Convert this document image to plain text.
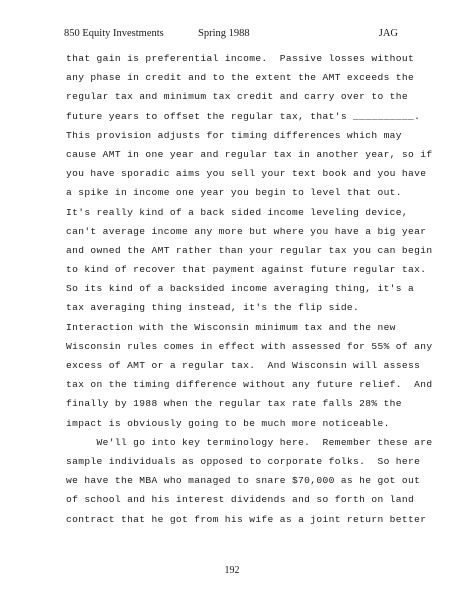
850 Equity Investments	Spring 1988	JAG
that gain is preferential income.  Passive losses without
any phase in credit and to the extent the AMT exceeds the
regular tax and minimum tax credit and carry over to the
future years to offset the regular tax, that's __________.
This provision adjusts for timing differences which may
cause AMT in one year and regular tax in another year, so if
you have sporadic aims you sell your text book and you have
a spike in income one year you begin to level that out.
It's really kind of a back sided income leveling device,
can't average income any more but where you have a big year
and owned the AMT rather than your regular tax you can begin
to kind of recover that payment against future regular tax.
So its kind of a backsided income averaging thing, it's a
tax averaging thing instead, it's the flip side.
Interaction with the Wisconsin minimum tax and the new
Wisconsin rules comes in effect with assessed for 55% of any
excess of AMT or a regular tax.  And Wisconsin will assess
tax on the timing difference without any future relief.  And
finally by 1988 when the regular tax rate falls 28% the
impact is obviously going to be much more noticeable.
We'll go into key terminology here.  Remember these are
sample individuals as opposed to corporate folks.  So here
we have the MBA who managed to snare $70,000 as he got out
of school and his interest dividends and so forth on land
contract that he got from his wife as a joint return better
192
